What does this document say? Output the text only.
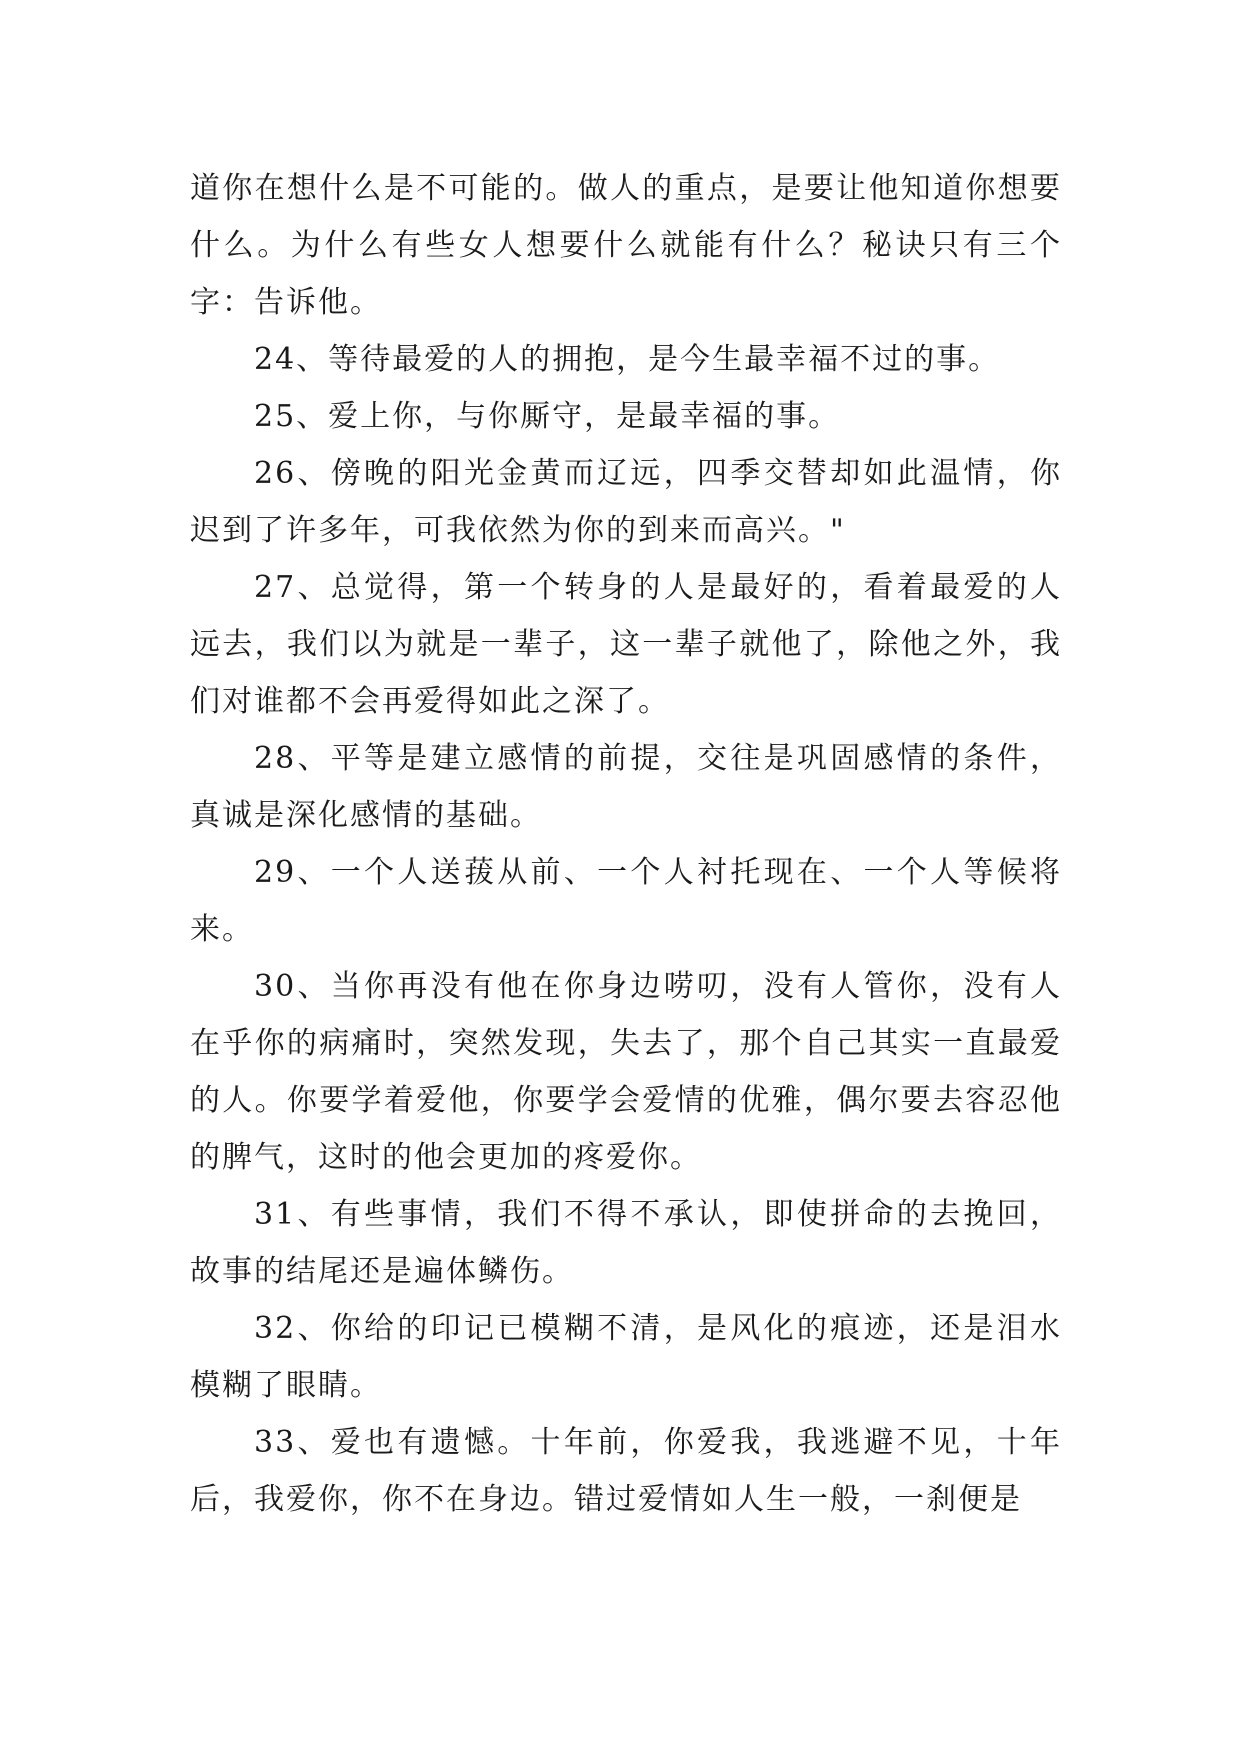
道你在想什么是不可能的。做人的重点，是要让他知道你想要什么。为什么有些女人想要什么就能有什么？秘诀只有三个字：告诉他。

24、等待最爱的人的拥抱，是今生最幸福不过的事。

25、爱上你，与你厮守，是最幸福的事。

26、傍晚的阳光金黄而辽远，四季交替却如此温情，你迟到了许多年，可我依然为你的到来而高兴。"

27、总觉得，第一个转身的人是最好的，看着最爱的人远去，我们以为就是一辈子，这一辈子就他了，除他之外，我们对谁都不会再爱得如此之深了。

28、平等是建立感情的前提，交往是巩固感情的条件，真诚是深化感情的基础。

29、一个人送菝从前、一个人衬托现在、一个人等候将来。

30、当你再没有他在你身边唠叨，没有人管你，没有人在乎你的病痛时，突然发现，失去了，那个自己其实一直最爱的人。你要学着爱他，你要学会爱情的优雅，偶尔要去容忍他的脾气，这时的他会更加的疼爱你。

31、有些事情，我们不得不承认，即使拼命的去挽回，故事的结尾还是遍体鳞伤。

32、你给的印记已模糊不清，是风化的痕迹，还是泪水模糊了眼睛。

33、爱也有遗憾。十年前，你爱我，我逃避不见，十年后，我爱你，你不在身边。错过爱情如人生一般，一刹便是
